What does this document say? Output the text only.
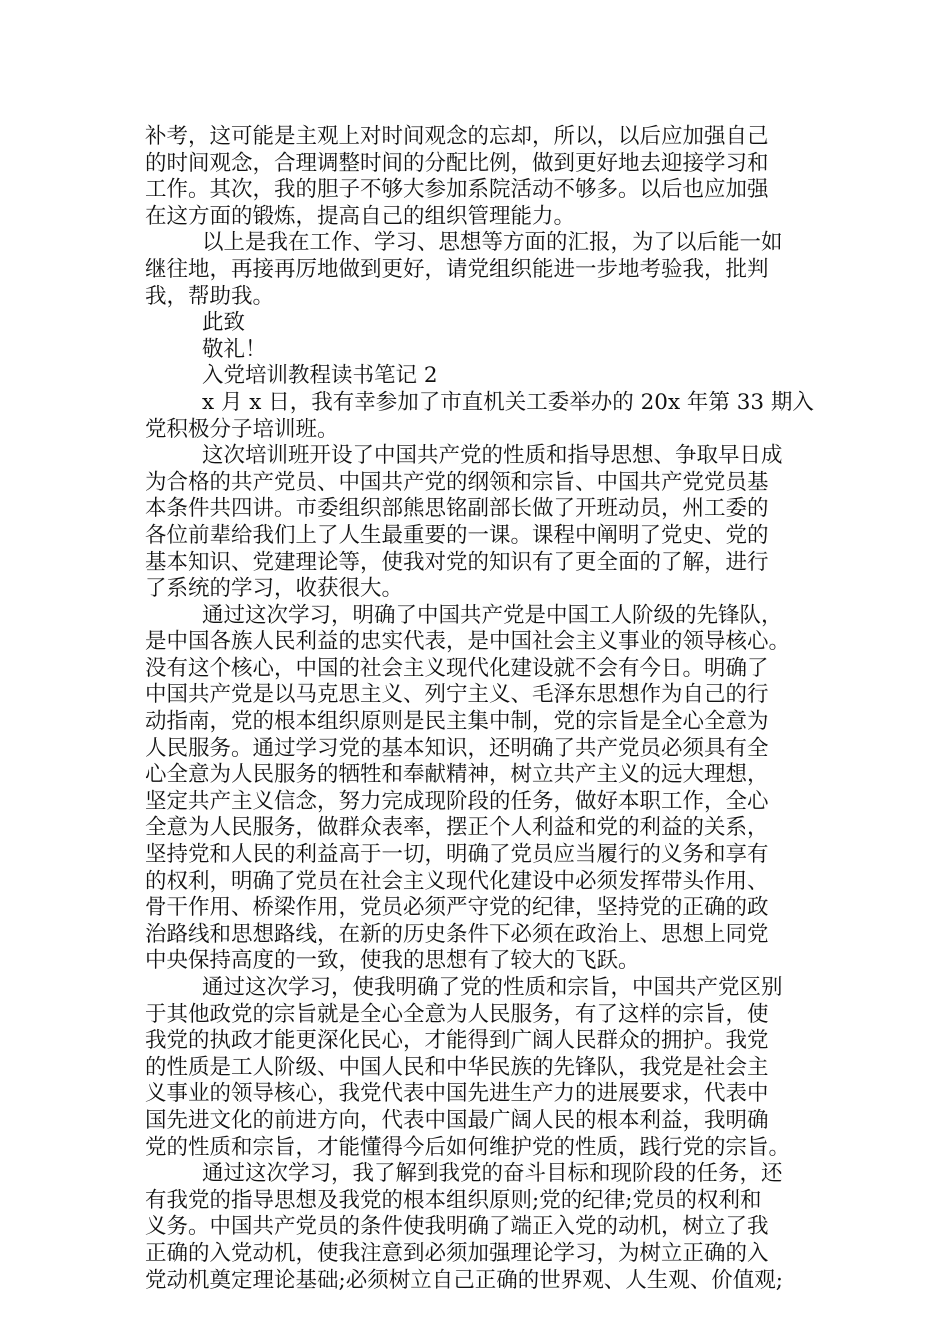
补考，这可能是主观上对时间观念的忘却，所以，以后应加强自己

的时间观念，合理调整时间的分配比例，做到更好地去迎接学习和

工作。其次，我的胆子不够大参加系院活动不够多。以后也应加强

在这方面的锻炼，提高自己的组织管理能力。

以上是我在工作、学习、思想等方面的汇报，为了以后能一如

继往地，再接再厉地做到更好，请党组织能进一步地考验我，批判

我，帮助我。

此致

敬礼！

入党培训教程读书笔记 2

x 月 x 日，我有幸参加了市直机关工委举办的 20x 年第 33 期入

党积极分子培训班。

这次培训班开设了中国共产党的性质和指导思想、争取早日成

为合格的共产党员、中国共产党的纲领和宗旨、中国共产党党员基

本条件共四讲。市委组织部熊思铭副部长做了开班动员，州工委的

各位前辈给我们上了人生最重要的一课。课程中阐明了党史、党的

基本知识、党建理论等，使我对党的知识有了更全面的了解，进行

了系统的学习，收获很大。

通过这次学习，明确了中国共产党是中国工人阶级的先锋队，

是中国各族人民利益的忠实代表，是中国社会主义事业的领导核心。

没有这个核心，中国的社会主义现代化建设就不会有今日。明确了

中国共产党是以马克思主义、列宁主义、毛泽东思想作为自己的行

动指南，党的根本组织原则是民主集中制，党的宗旨是全心全意为

人民服务。通过学习党的基本知识，还明确了共产党员必须具有全

心全意为人民服务的牺牲和奉献精神，树立共产主义的远大理想，

坚定共产主义信念，努力完成现阶段的任务，做好本职工作，全心

全意为人民服务，做群众表率，摆正个人利益和党的利益的关系，

坚持党和人民的利益高于一切，明确了党员应当履行的义务和享有

的权利，明确了党员在社会主义现代化建设中必须发挥带头作用、

骨干作用、桥梁作用，党员必须严守党的纪律，坚持党的正确的政

治路线和思想路线，在新的历史条件下必须在政治上、思想上同党

中央保持高度的一致，使我的思想有了较大的飞跃。

通过这次学习，使我明确了党的性质和宗旨，中国共产党区别

于其他政党的宗旨就是全心全意为人民服务，有了这样的宗旨，使

我党的执政才能更深化民心，才能得到广阔人民群众的拥护。我党

的性质是工人阶级、中国人民和中华民族的先锋队，我党是社会主

义事业的领导核心，我党代表中国先进生产力的进展要求，代表中

国先进文化的前进方向，代表中国最广阔人民的根本利益，我明确

党的性质和宗旨，才能懂得今后如何维护党的性质，践行党的宗旨。

通过这次学习，我了解到我党的奋斗目标和现阶段的任务，还

有我党的指导思想及我党的根本组织原则;党的纪律;党员的权利和

义务。中国共产党员的条件使我明确了端正入党的动机，树立了我

正确的入党动机，使我注意到必须加强理论学习，为树立正确的入

党动机奠定理论基础;必须树立自己正确的世界观、人生观、价值观;
